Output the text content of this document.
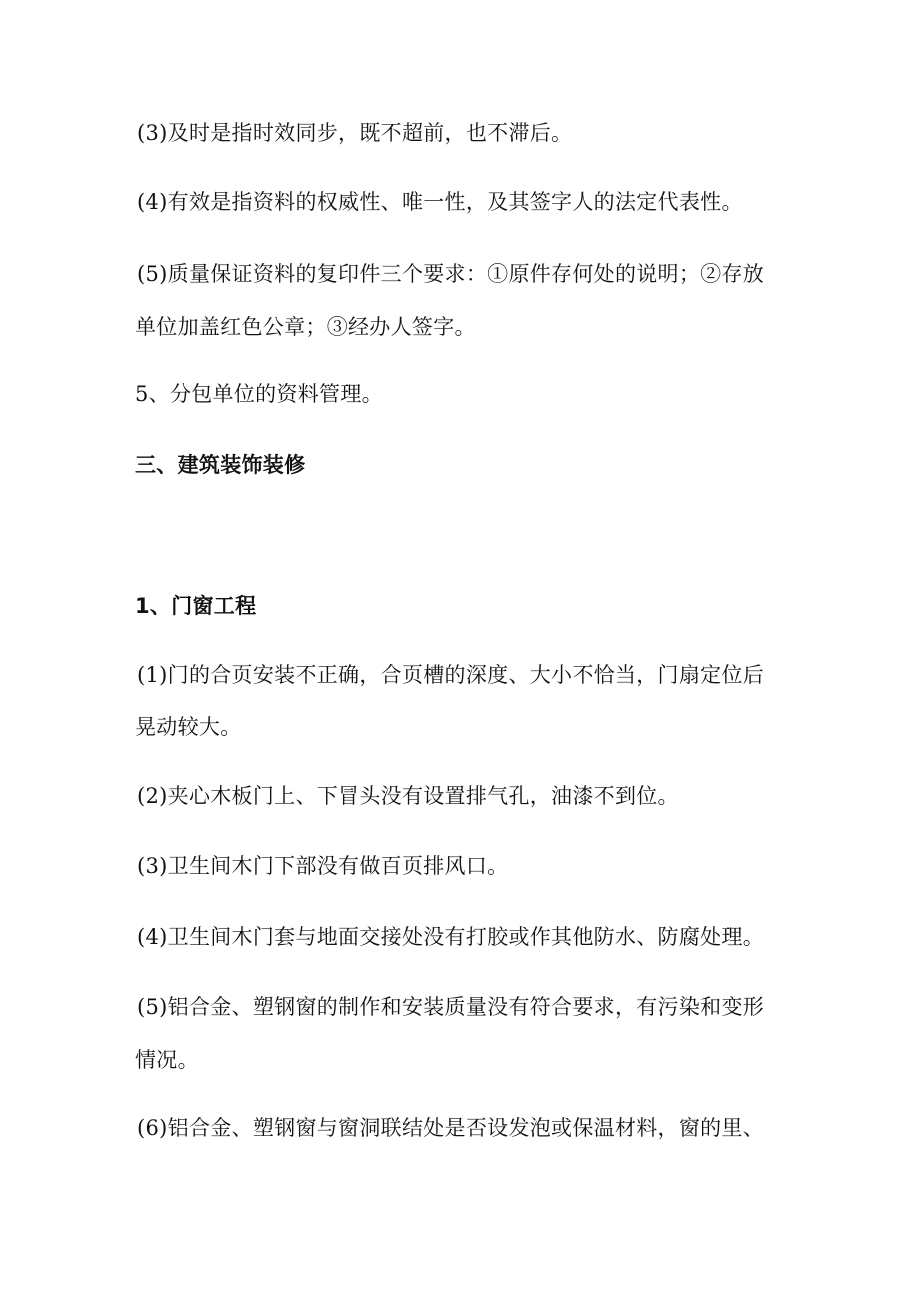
(3)及时是指时效同步，既不超前，也不滞后。

(4)有效是指资料的权威性、唯一性，及其签字人的法定代表性。

(5)质量保证资料的复印件三个要求：①原件存何处的说明；②存放

单位加盖红色公章；③经办人签字。

5、分包单位的资料管理。

三、建筑装饰装修
1、门窗工程

(1)门的合页安装不正确，合页槽的深度、大小不恰当，门扇定位后

晃动较大。

(2)夹心木板门上、下冒头没有设置排气孔，油漆不到位。

(3)卫生间木门下部没有做百页排风口。

(4)卫生间木门套与地面交接处没有打胶或作其他防水、防腐处理。

(5)铝合金、塑钢窗的制作和安装质量没有符合要求，有污染和变形

情况。

(6)铝合金、塑钢窗与窗洞联结处是否设发泡或保温材料，窗的里、
